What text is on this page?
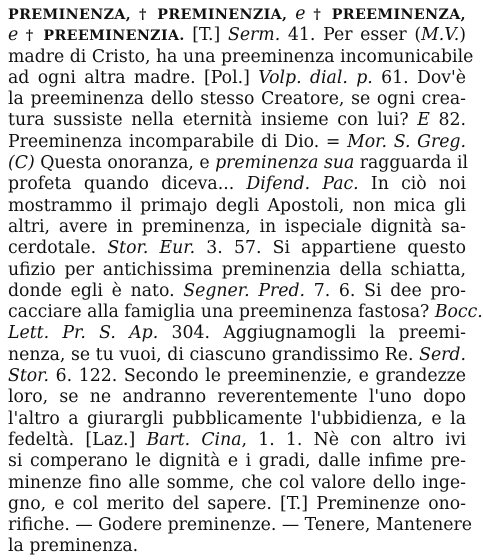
PREMINENZA, † PREMINENZIA, e † PREEMINENZA,
e † PREEMINENZIA. [T.] Serm. 41. Per esser (M.V.)
madre di Cristo, ha una preeminenza incomunicabile
ad ogni altra madre. [Pol.] Volp. dial. p. 61. Dov'è
la preeminenza dello stesso Creatore, se ogni crea-
tura sussiste nella eternità insieme con lui? E 82.
Preeminenza incomparabile di Dio. = Mor. S. Greg.
(C) Questa onoranza, e preminenza sua ragguarda il
profeta quando diceva... Difend. Pac. In ciò noi
mostrammo il primajo degli Apostoli, non mica gli
altri, avere in preminenza, in ispeciale dignità sa-
cerdotale. Stor. Eur. 3. 57. Si appartiene questo
ufizio per antichissima preminenzia della schiatta,
donde egli è nato. Segner. Pred. 7. 6. Si dee pro-
cacciare alla famiglia una preeminenza fastosa? Bocc.
Lett. Pr. S. Ap. 304. Aggiugnamogli la preemi-
nenza, se tu vuoi, di ciascuno grandissimo Re. Serd.
Stor. 6. 122. Secondo le preeminenzie, e grandezze
loro, se ne andranno reverentemente l'uno dopo
l'altro a giurargli pubblicamente l'ubbidienza, e la
fedeltà. [Laz.] Bart. Cina, 1. 1. Nè con altro ivi
si comperano le dignità e i gradi, dalle infime pre-
minenze fino alle somme, che col valore dello inge-
gno, e col merito del sapere. [T.] Preminenze ono-
rifiche. — Godere preminenze. — Tenere, Mantenere
la preminenza.
